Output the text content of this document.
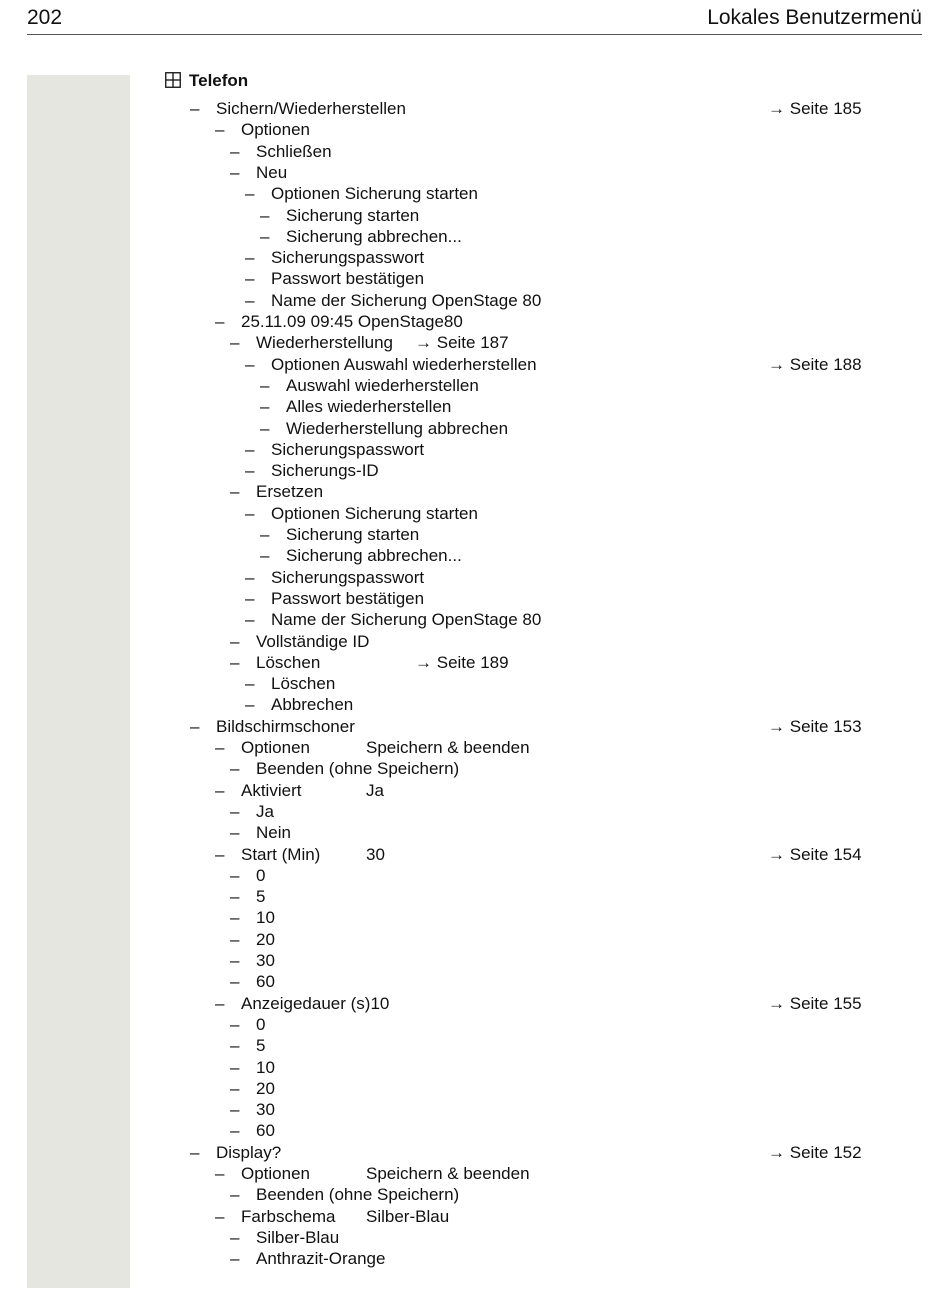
202	Lokales Benutzermenü
Telefon
– Sichern/Wiederherstellen	→ Seite 185
– Optionen
– Schließen
– Neu
– Optionen Sicherung starten
– Sicherung starten
– Sicherung abbrechen...
– Sicherungspasswort
– Passwort bestätigen
– Name der Sicherung OpenStage 80
– 25.11.09 09:45 OpenStage80
– Wiederherstellung → Seite 187
– Optionen Auswahl wiederherstellen	→ Seite 188
– Auswahl wiederherstellen
– Alles wiederherstellen
– Wiederherstellung abbrechen
– Sicherungspasswort
– Sicherungs-ID
– Ersetzen
– Optionen Sicherung starten
– Sicherung starten
– Sicherung abbrechen...
– Sicherungspasswort
– Passwort bestätigen
– Name der Sicherung OpenStage 80
– Vollständige ID
– Löschen	→ Seite 189
– Löschen
– Abbrechen
– Bildschirmschoner	→ Seite 153
– Optionen	Speichern & beenden
– Beenden (ohne Speichern)
– Aktiviert	Ja
– Ja
– Nein
– Start (Min)	30	→ Seite 154
– 0
– 5
– 10
– 20
– 30
– 60
– Anzeigedauer (s)10	→ Seite 155
– 0
– 5
– 10
– 20
– 30
– 60
– Display?	→ Seite 152
– Optionen	Speichern & beenden
– Beenden (ohne Speichern)
– Farbschema Silber-Blau
– Silber-Blau
– Anthrazit-Orange
